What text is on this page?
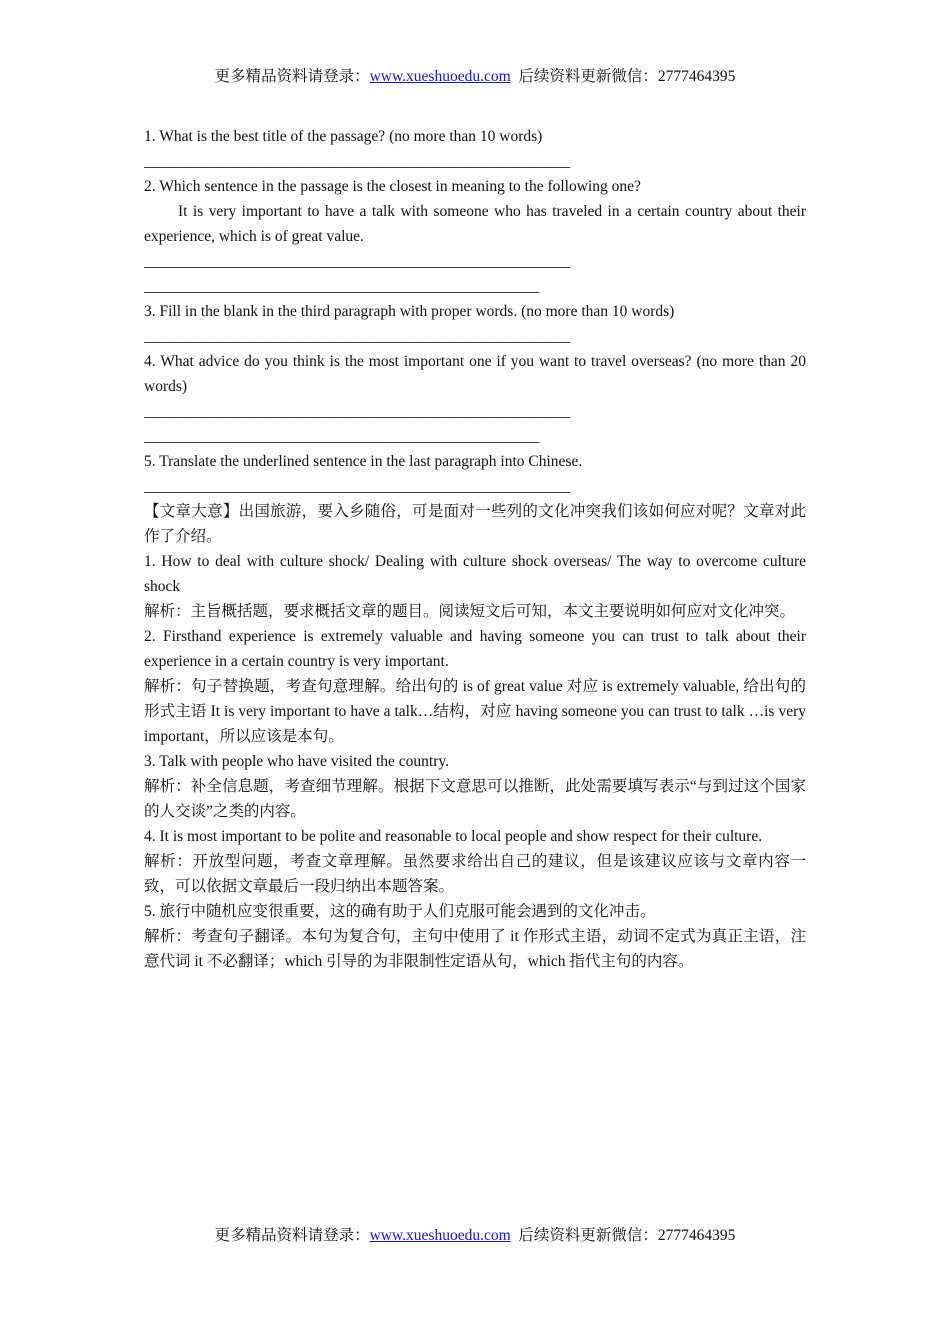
更多精品资料请登录：www.xueshuoedu.com 后续资料更新微信：2777464395

1. What is the best title of the passage? (no more than 10 words)

_______________________________________________________

2. Which sentence in the passage is the closest in meaning to the following one?

It is very important to have a talk with someone who has traveled in a certain country about their experience, which is of great value.

_______________________________________________________

___________________________________________________

3. Fill in the blank in the third paragraph with proper words. (no more than 10 words)

_______________________________________________________

4. What advice do you think is the most important one if you want to travel overseas? (no more than 20 words)

_______________________________________________________

___________________________________________________

5. Translate the underlined sentence in the last paragraph into Chinese.

_______________________________________________________

【文章大意】出国旅游，要入乡随俗，可是面对一些列的文化冲突我们该如何应对呢？文章对此作了介绍。

1. How to deal with culture shock/ Dealing with culture shock overseas/ The way to overcome culture shock

解析：主旨概括题，要求概括文章的题目。阅读短文后可知，本文主要说明如何应对文化冲突。

2. Firsthand experience is extremely valuable and having someone you can trust to talk about their experience in a certain country is very important.

解析：句子替换题，考查句意理解。给出句的 is of great value 对应 is extremely valuable, 给出句的形式主语 It is very important to have a talk…结构，对应 having someone you can trust to talk …is very important，所以应该是本句。

3. Talk with people who have visited the country.

解析：补全信息题，考查细节理解。根据下文意思可以推断，此处需要填写表示“与到过这个国家的人交谈”之类的内容。

4. It is most important to be polite and reasonable to local people and show respect for their culture.

解析：开放型问题，考查文章理解。虽然要求给出自己的建议，但是该建议应该与文章内容一致，可以依据文章最后一段归纳出本题答案。

5. 旅行中随机应变很重要，这的确有助于人们克服可能会遇到的文化冲击。

解析：考查句子翻译。本句为复合句，主句中使用了 it 作形式主语，动词不定式为真正主语，注意代词 it 不必翻译；which 引导的为非限制性定语从句，which 指代主句的内容。

更多精品资料请登录：www.xueshuoedu.com 后续资料更新微信：2777464395
